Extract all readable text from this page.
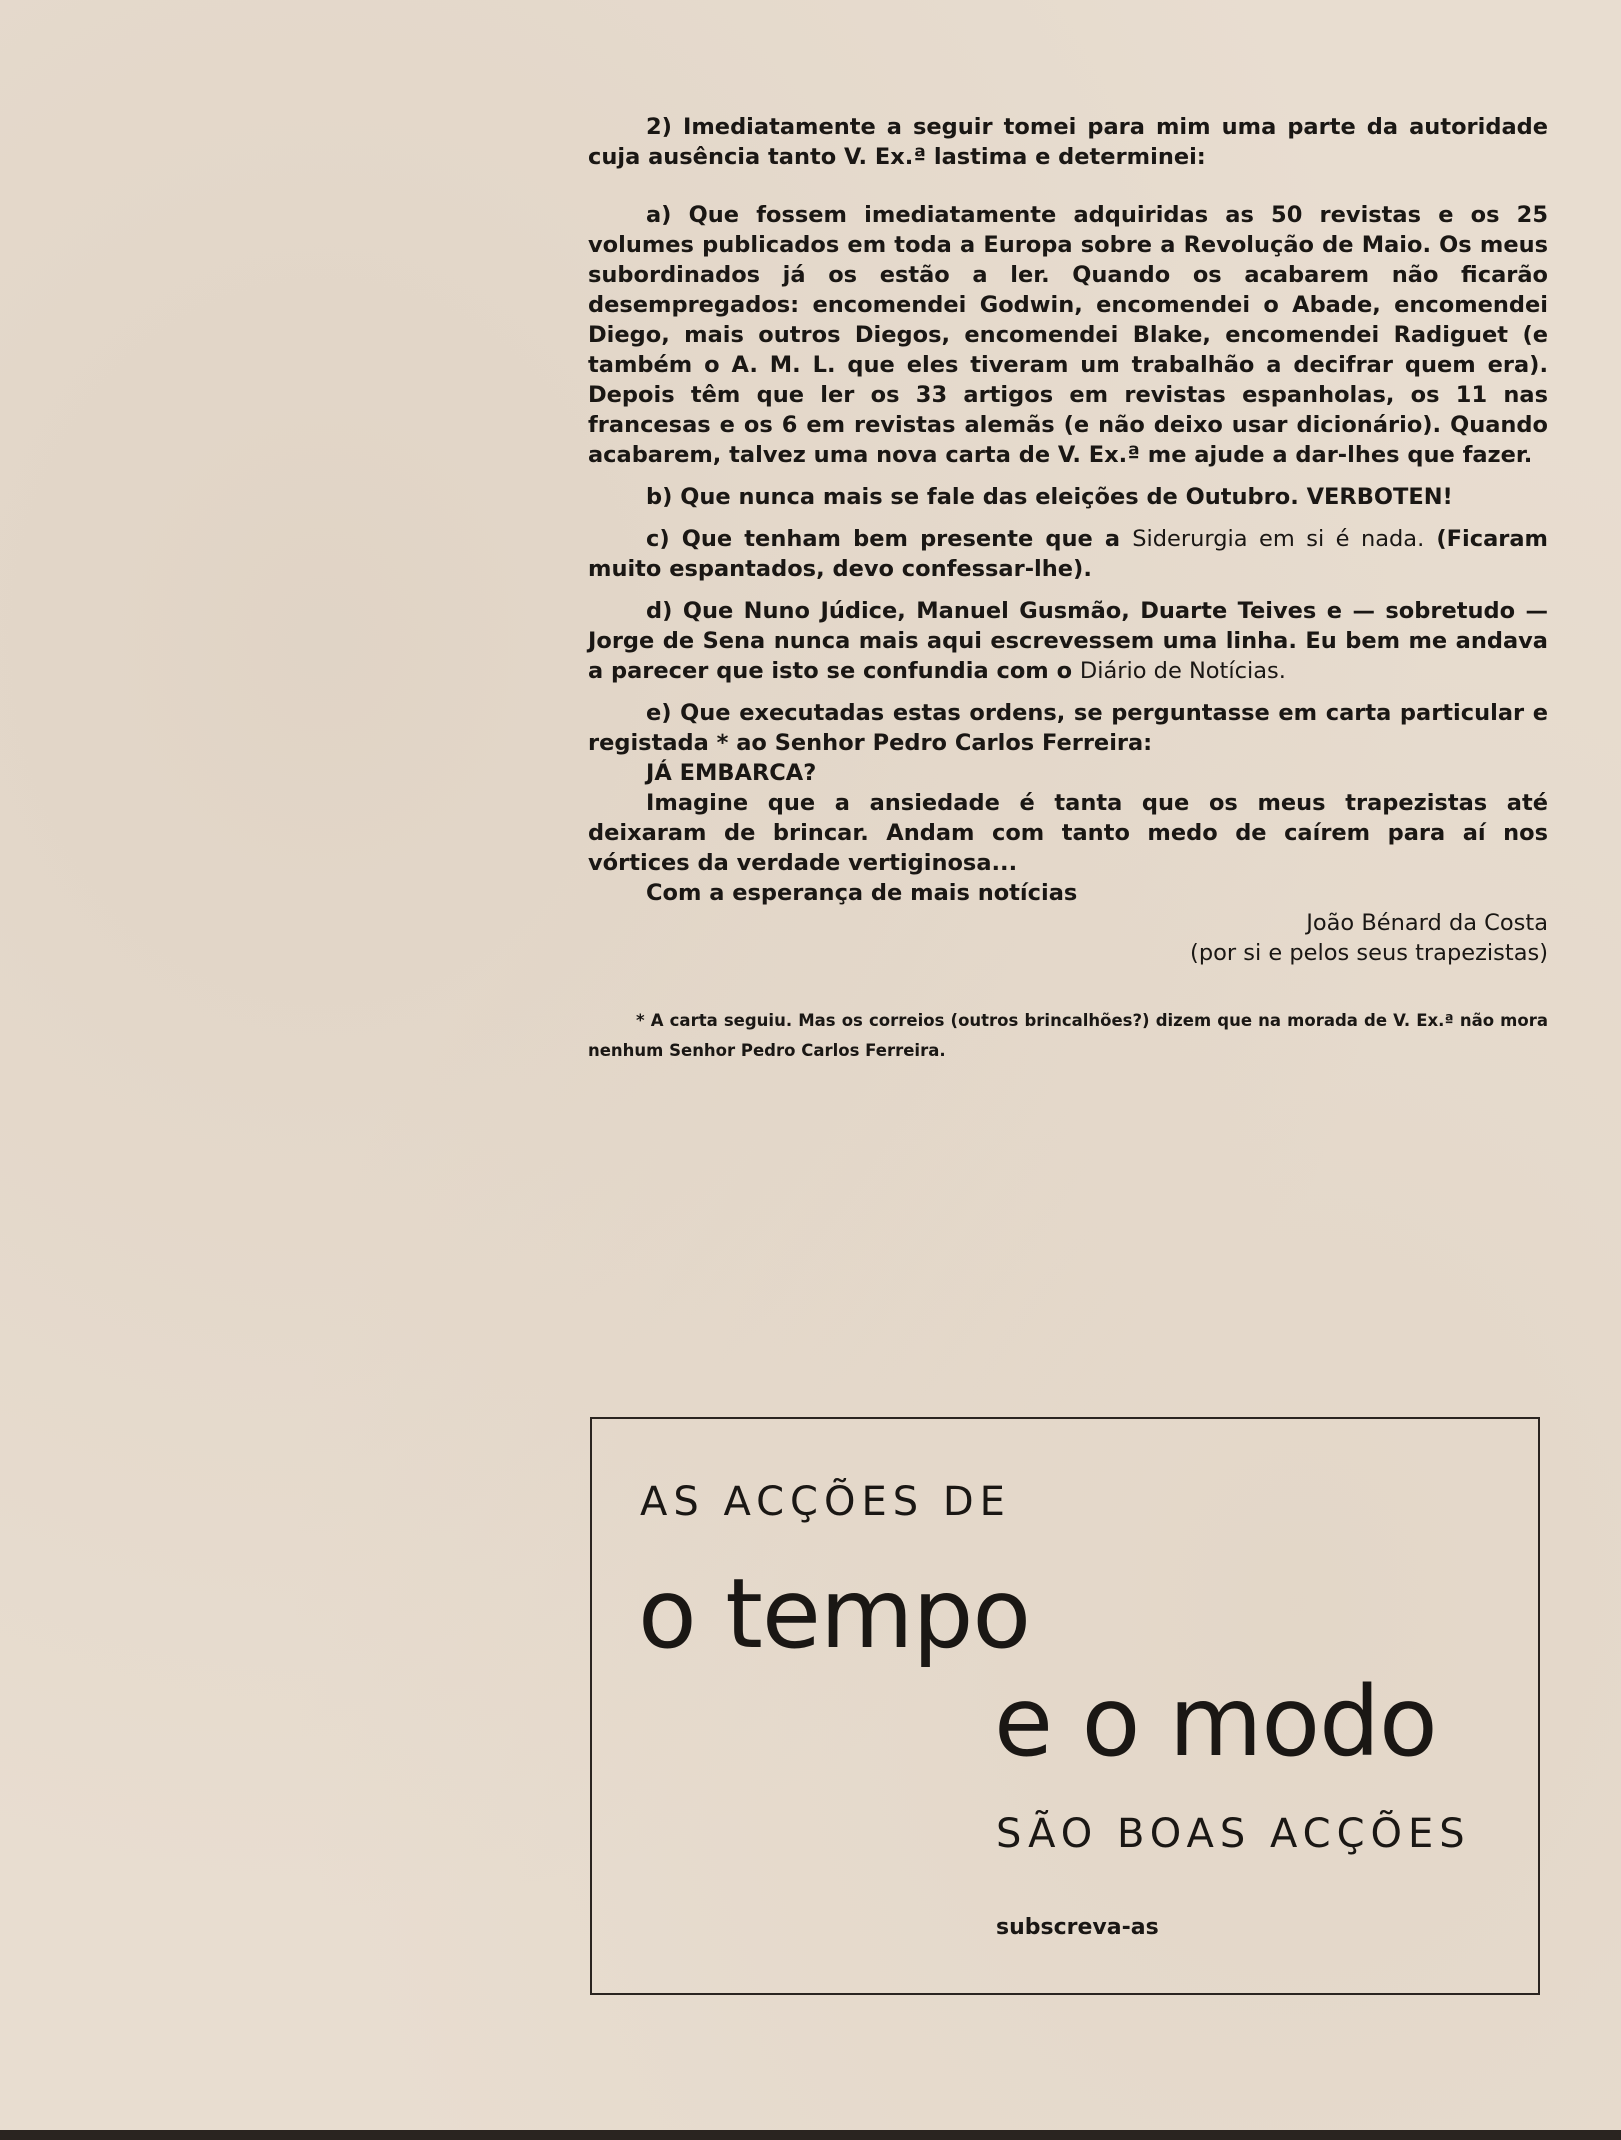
2) Imediatamente a seguir tomei para mim uma parte da autoridade cuja ausência tanto V. Ex.ª lastima e determinei:

a) Que fossem imediatamente adquiridas as 50 revistas e os 25 volumes publicados em toda a Europa sobre a Revolução de Maio. Os meus subordinados já os estão a ler. Quando os acabarem não ficarão desempregados: encomendei Godwin, encomendei o Abade, encomendei Diego, mais outros Diegos, encomendei Blake, encomendei Radiguet (e também o A. M. L. que eles tiveram um trabalhão a decifrar quem era). Depois têm que ler os 33 artigos em revistas espanholas, os 11 nas francesas e os 6 em revistas alemãs (e não deixo usar dicionário). Quando acabarem, talvez uma nova carta de V. Ex.ª me ajude a dar-lhes que fazer.

b) Que nunca mais se fale das eleições de Outubro. VERBOTEN!

c) Que tenham bem presente que a Siderurgia em si é nada. (Ficaram muito espantados, devo confessar-lhe).

d) Que Nuno Júdice, Manuel Gusmão, Duarte Teives e — sobretudo — Jorge de Sena nunca mais aqui escrevessem uma linha. Eu bem me andava a parecer que isto se confundia com o Diário de Notícias.

e) Que executadas estas ordens, se perguntasse em carta particular e registada * ao Senhor Pedro Carlos Ferreira:

JÁ EMBARCA?

Imagine que a ansiedade é tanta que os meus trapezistas até deixaram de brincar. Andam com tanto medo de caírem para aí nos vórtices da verdade vertiginosa...

Com a esperança de mais notícias

João Bénard da Costa

(por si e pelos seus trapezistas)

* A carta seguiu. Mas os correios (outros brincalhões?) dizem que na morada de V. Ex.ª não mora nenhum Senhor Pedro Carlos Ferreira.

AS ACÇÕES DE
o tempo
e o modo
SÃO BOAS ACÇÕES
subscreva-as
